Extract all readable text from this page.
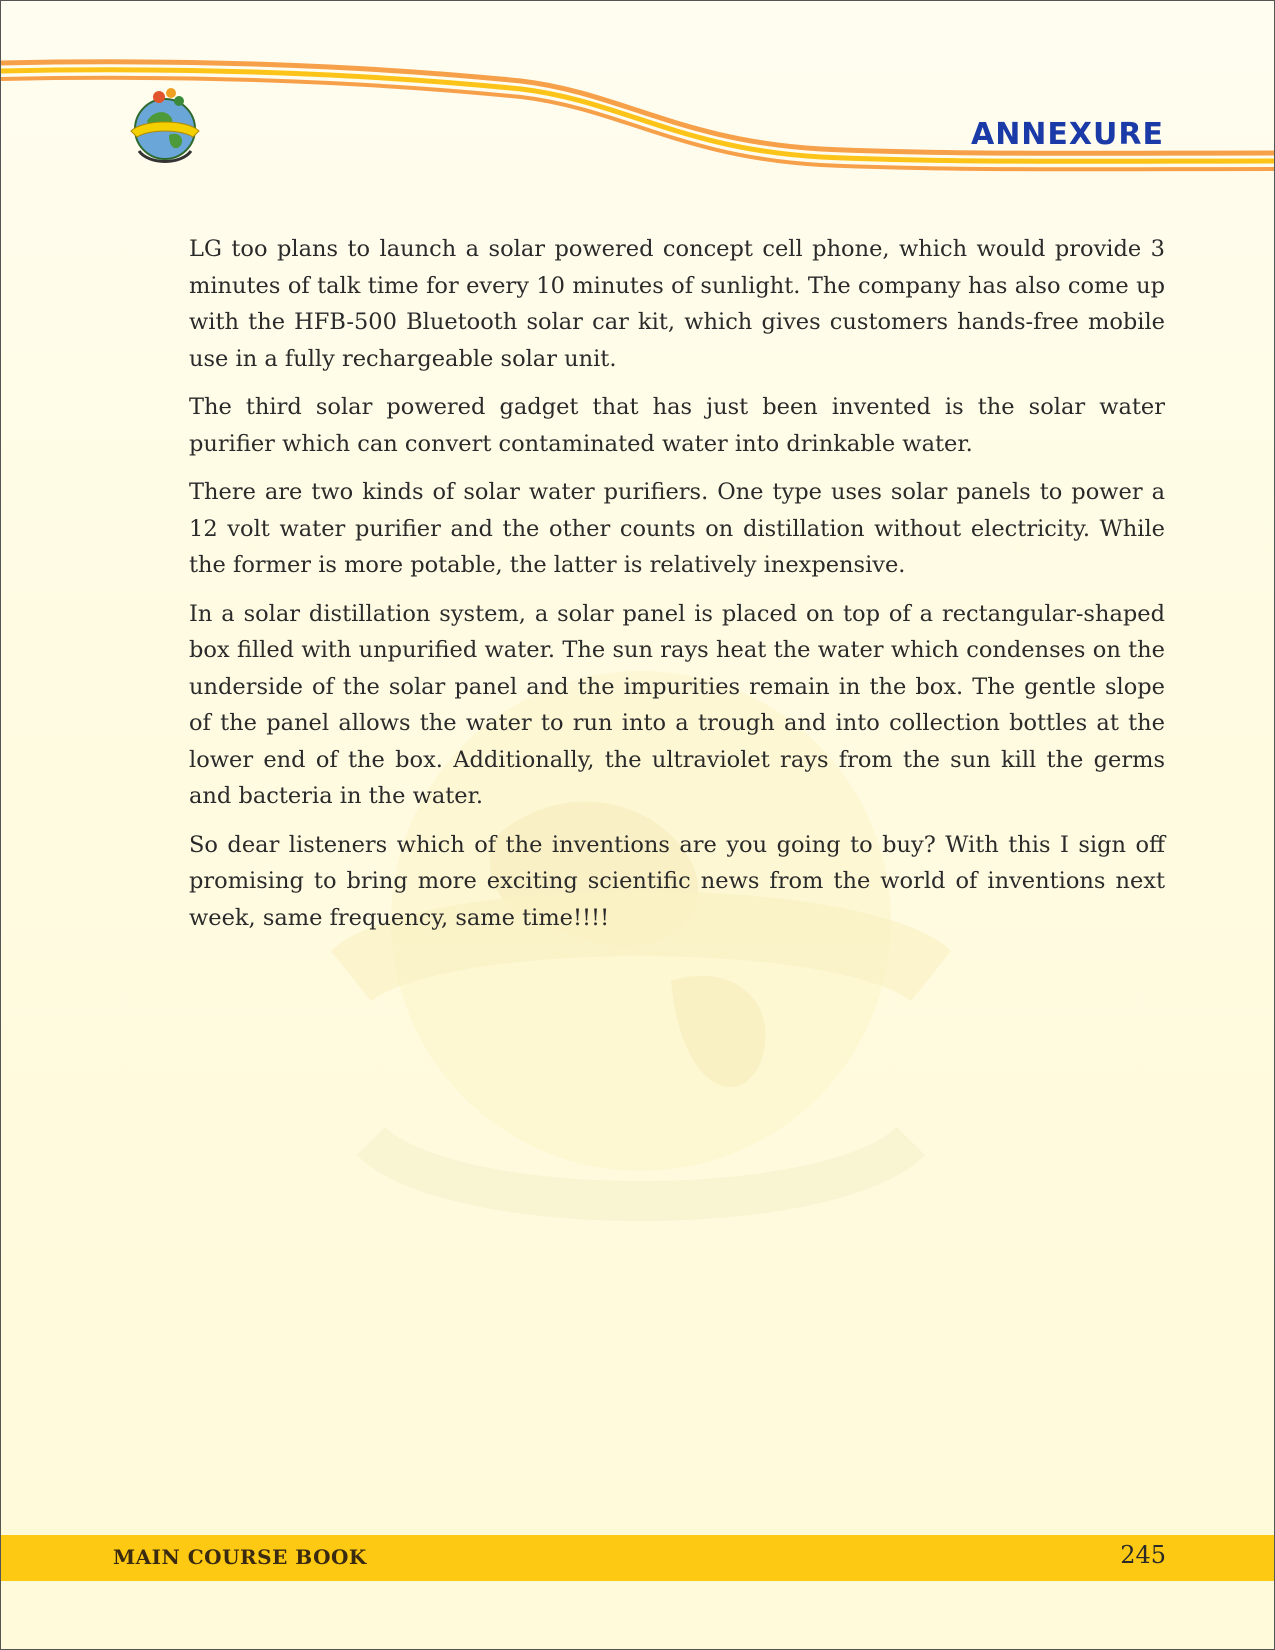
ANNEXURE

LG too plans to launch a solar powered concept cell phone, which would provide 3 minutes of talk time for every 10 minutes of sunlight. The company has also come up with the HFB-500 Bluetooth solar car kit, which gives customers hands-free mobile use in a fully rechargeable solar unit.

The third solar powered gadget that has just been invented is the solar water purifier which can convert contaminated water into drinkable water.

There are two kinds of solar water purifiers. One type uses solar panels to power a 12 volt water purifier and the other counts on distillation without electricity. While the former is more potable, the latter is relatively inexpensive.

In a solar distillation system, a solar panel is placed on top of a rectangular-shaped box filled with unpurified water. The sun rays heat the water which condenses on the underside of the solar panel and the impurities remain in the box. The gentle slope of the panel allows the water to run into a trough and into collection bottles at the lower end of the box. Additionally, the ultraviolet rays from the sun kill the germs and bacteria in the water.

So dear listeners which of the inventions are you going to buy? With this I sign off promising to bring more exciting scientific news from the world of inventions next week, same frequency, same time!!!!

MAIN COURSE BOOK	245
